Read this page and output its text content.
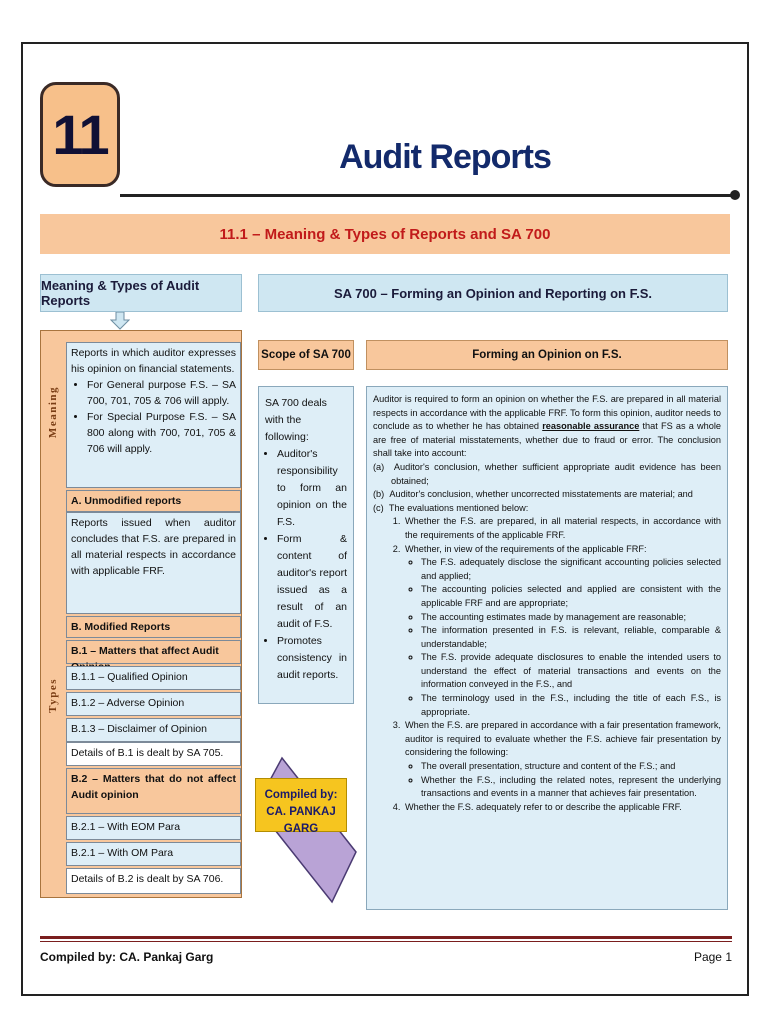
11	Audit Reports
11.1 – Meaning & Types of Reports and SA 700
Meaning & Types of Audit Reports	SA 700 – Forming an Opinion and Reporting on F.S.
Meaning
Types
Reports in which auditor expresses his opinion on financial statements.
• For General purpose F.S. – SA 700, 701, 705 & 706 will apply.
• For Special Purpose F.S. – SA 800 along with 700, 701, 705 & 706 will apply.
A. Unmodified reports
Reports issued when auditor concludes that F.S. are prepared in all material respects in accordance with applicable FRF.
B. Modified Reports
B.1 – Matters that affect Audit
B.1.1 – Qualified Opinion
B.1.2 – Adverse Opinion
B.1.3 – Disclaimer of Opinion
Details of B.1 is dealt by SA 705.
B.2 – Matters that do not affect Audit opinion
B.2.1 – With EOM Para
B.2.1 – With OM Para
Details of B.2 is dealt by SA 706.
Scope of SA 700
SA 700 deals with the following:
• Auditor's responsibility to form an opinion on the F.S.
• Form & content of auditor's report issued as a result of an audit of F.S.
• Promotes consistency in audit reports.
Forming an Opinion on F.S.

Auditor is required to form an opinion on whether the F.S. are prepared in all material respects in accordance with the applicable FRF. To form this opinion, auditor needs to conclude as to whether he has obtained reasonable assurance that FS as a whole are free of material misstatements, whether due to fraud or error. The conclusion shall take into account:

(a) Auditor's conclusion, whether sufficient appropriate audit evidence has been obtained;
(b) Auditor's conclusion, whether uncorrected misstatements are material; and
(c) The evaluations mentioned below:
1. Whether the F.S. are prepared, in all material respects, in accordance with the requirements of the applicable FRF.
2. Whether, in view of the requirements of the applicable FRF:
◦ The F.S. adequately disclose the significant accounting policies selected and applied;
◦ The accounting policies selected and applied are consistent with the applicable FRF and are appropriate;
◦ The accounting estimates made by management are reasonable;
◦ The information presented in F.S. is relevant, reliable, comparable & understandable;
◦ The F.S. provide adequate disclosures to enable the intended users to understand the effect of material transactions and events on the information conveyed in the F.S., and
◦ The terminology used in the F.S., including the title of each F.S., is appropriate.
3. When the F.S. are prepared in accordance with a fair presentation framework, auditor is required to evaluate whether the F.S. achieve fair presentation by considering the following:
◦ The overall presentation, structure and content of the F.S.; and
◦ Whether the F.S., including the related notes, represent the underlying transactions and events in a manner that achieves fair presentation.
4. Whether the F.S. adequately refer to or describe the applicable FRF.
Compiled by:
CA. PANKAJ GARG
Compiled by: CA. Pankaj Garg	Page 1
